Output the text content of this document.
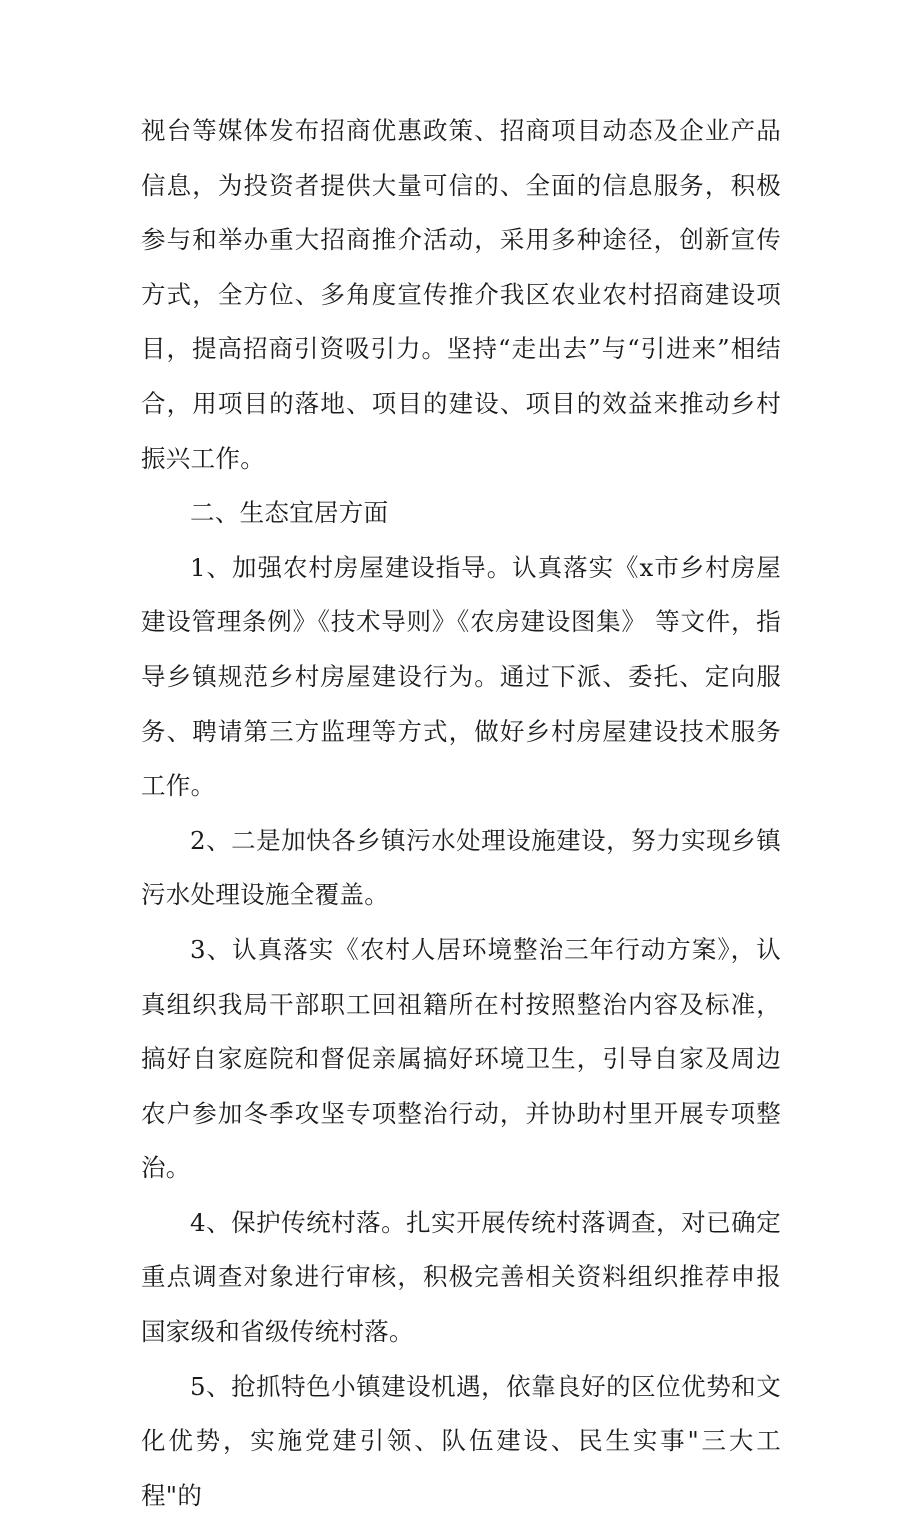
视台等媒体发布招商优惠政策、招商项目动态及企业产品信息，为投资者提供大量可信的、全面的信息服务，积极参与和举办重大招商推介活动，采用多种途径，创新宣传方式，全方位、多角度宣传推介我区农业农村招商建设项目，提高招商引资吸引力。坚持“走出去”与“引进来”相结合，用项目的落地、项目的建设、项目的效益来推动乡村振兴工作。

二、生态宜居方面

1、加强农村房屋建设指导。认真落实《x市乡村房屋建设管理条例》《技术导则》《农房建设图集》 等文件，指导乡镇规范乡村房屋建设行为。通过下派、委托、定向服务、聘请第三方监理等方式，做好乡村房屋建设技术服务工作。

2、二是加快各乡镇污水处理设施建设，努力实现乡镇污水处理设施全覆盖。

3、认真落实《农村人居环境整治三年行动方案》，认真组织我局干部职工回祖籍所在村按照整治内容及标准，搞好自家庭院和督促亲属搞好环境卫生，引导自家及周边农户参加冬季攻坚专项整治行动，并协助村里开展专项整治。

4、保护传统村落。扎实开展传统村落调查，对已确定重点调查对象进行审核，积极完善相关资料组织推荐申报国家级和省级传统村落。

5、抢抓特色小镇建设机遇，依靠良好的区位优势和文化优势，实施党建引领、队伍建设、民生实事"三大工程"的
